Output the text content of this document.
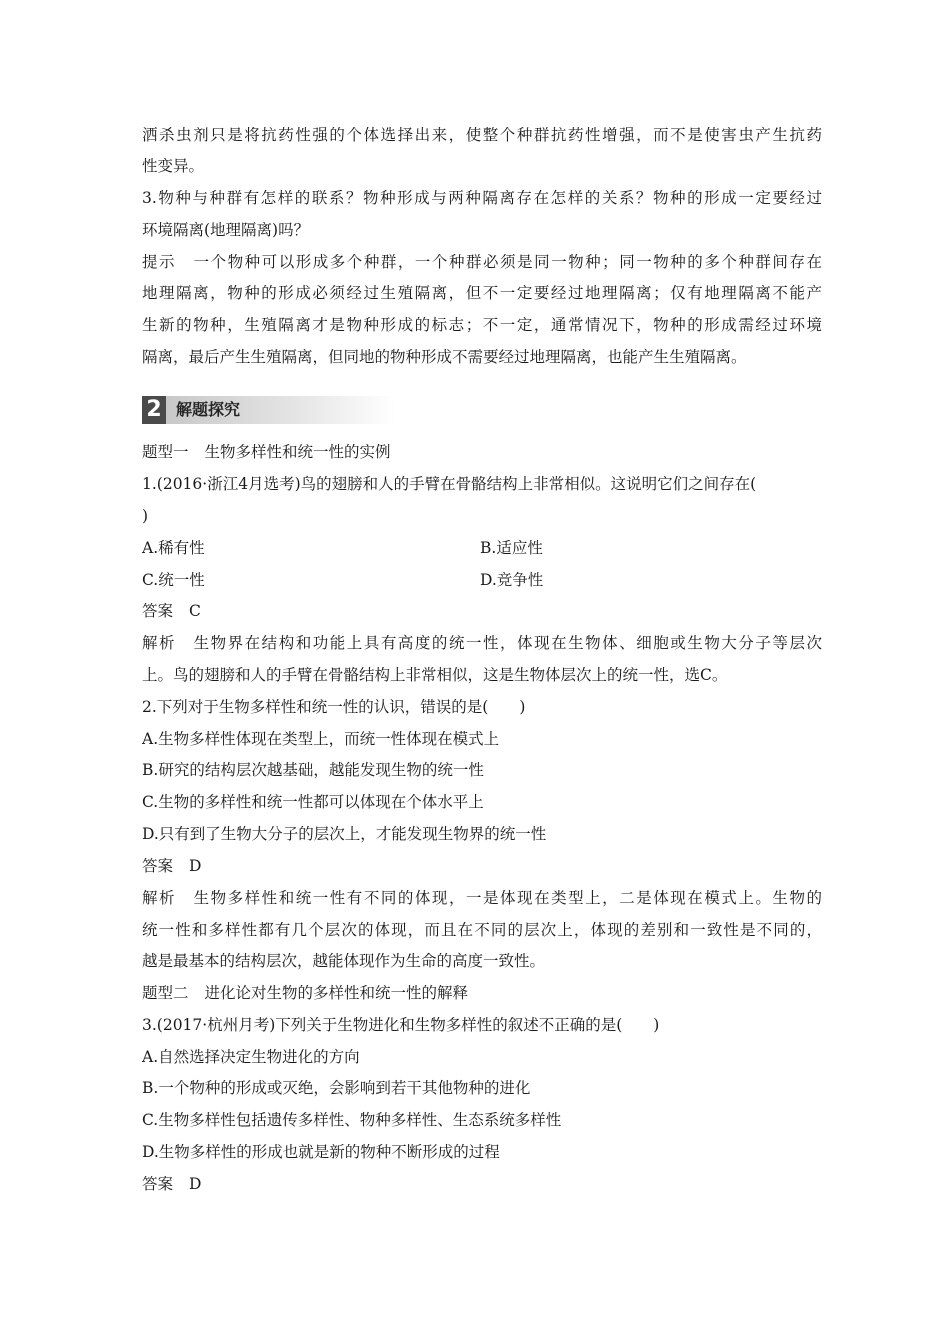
洒杀虫剂只是将抗药性强的个体选择出来，使整个种群抗药性增强，而不是使害虫产生抗药
性变异。
3.物种与种群有怎样的联系？物种形成与两种隔离存在怎样的关系？物种的形成一定要经过
环境隔离(地理隔离)吗？
提示 一个物种可以形成多个种群，一个种群必须是同一物种；同一物种的多个种群间存在
地理隔离，物种的形成必须经过生殖隔离，但不一定要经过地理隔离；仅有地理隔离不能产
生新的物种，生殖隔离才是物种形成的标志；不一定，通常情况下，物种的形成需经过环境
隔离，最后产生生殖隔离，但同地的物种形成不需要经过地理隔离，也能产生生殖隔离。
2 解题探究
题型一 生物多样性和统一性的实例
1.(2016·浙江4月选考)鸟的翅膀和人的手臂在骨骼结构上非常相似。这说明它们之间存在(
)
A.稀有性	B.适应性
C.统一性	D.竞争性
答案 C
解析 生物界在结构和功能上具有高度的统一性，体现在生物体、细胞或生物大分子等层次
上。鸟的翅膀和人的手臂在骨骼结构上非常相似，这是生物体层次上的统一性，选C。
2.下列对于生物多样性和统一性的认识，错误的是(　　)
A.生物多样性体现在类型上，而统一性体现在模式上
B.研究的结构层次越基础，越能发现生物的统一性
C.生物的多样性和统一性都可以体现在个体水平上
D.只有到了生物大分子的层次上，才能发现生物界的统一性
答案 D
解析 生物多样性和统一性有不同的体现，一是体现在类型上，二是体现在模式上。生物的
统一性和多样性都有几个层次的体现，而且在不同的层次上，体现的差别和一致性是不同的，
越是最基本的结构层次，越能体现作为生命的高度一致性。
题型二 进化论对生物的多样性和统一性的解释
3.(2017·杭州月考)下列关于生物进化和生物多样性的叙述不正确的是(　　)
A.自然选择决定生物进化的方向
B.一个物种的形成或灭绝，会影响到若干其他物种的进化
C.生物多样性包括遗传多样性、物种多样性、生态系统多样性
D.生物多样性的形成也就是新的物种不断形成的过程
答案 D
